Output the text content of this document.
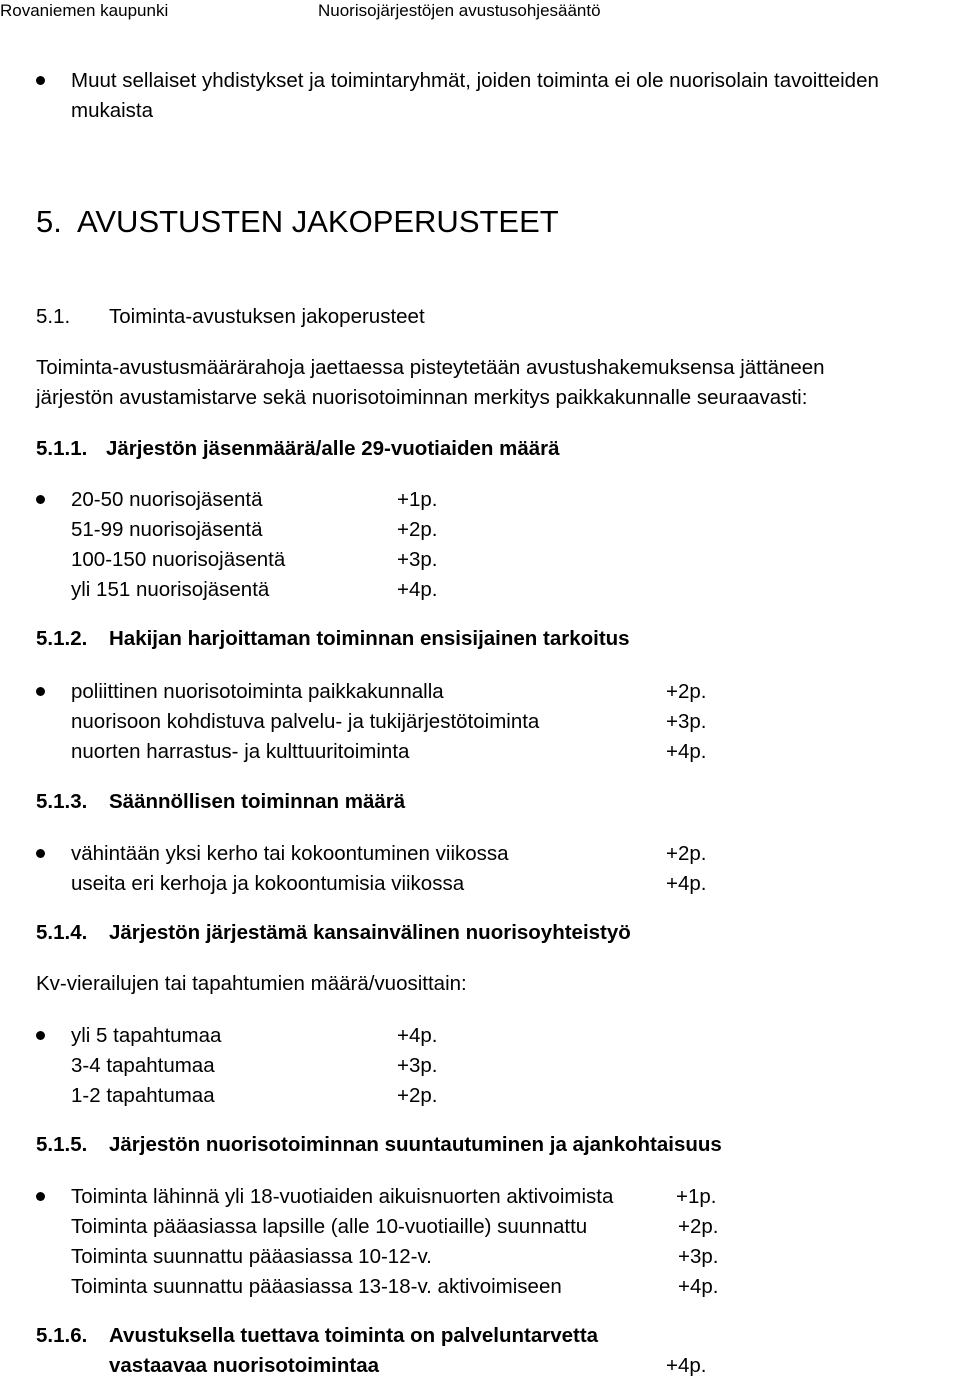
Rovaniemen kaupunki	Nuorisojärjestöjen avustusohjesääntö
Muut sellaiset yhdistykset ja toimintaryhmät, joiden toiminta ei ole nuorisolain tavoitteiden
mukaista
5. AVUSTUSTEN JAKOPERUSTEET
5.1. Toiminta-avustuksen jakoperusteet
Toiminta-avustusmäärärahoja jaettaessa pisteytetään avustushakemuksensa jättäneen
järjestön avustamistarve sekä nuorisotoiminnan merkitys paikkakunnalle seuraavasti:
5.1.1. Järjestön jäsenmäärä/alle 29-vuotiaiden määrä
20-50 nuorisojäsentä	+1p.
51-99 nuorisojäsentä	+2p.
100-150 nuorisojäsentä	+3p.
yli 151 nuorisojäsentä	+4p.
5.1.2. Hakijan harjoittaman toiminnan ensisijainen tarkoitus
poliittinen nuorisotoiminta paikkakunnalla	+2p.
nuorisoon kohdistuva palvelu- ja tukijärjestötoiminta	+3p.
nuorten harrastus- ja kulttuuritoiminta	+4p.
5.1.3. Säännöllisen toiminnan määrä
vähintään yksi kerho tai kokoontuminen viikossa	+2p.
useita eri kerhoja ja kokoontumisia viikossa	+4p.
5.1.4. Järjestön järjestämä kansainvälinen nuorisoyhteistyö
Kv-vierailujen tai tapahtumien määrä/vuosittain:
yli 5 tapahtumaa	+4p.
3-4 tapahtumaa	+3p.
1-2 tapahtumaa	+2p.
5.1.5. Järjestön nuorisotoiminnan suuntautuminen ja ajankohtaisuus
Toiminta lähinnä yli 18-vuotiaiden aikuisnuorten aktivoimista	+1p.
Toiminta pääasiassa lapsille (alle 10-vuotiaille) suunnattu	+2p.
Toiminta suunnattu pääasiassa 10-12-v.	+3p.
Toiminta suunnattu pääasiassa 13-18-v. aktivoimiseen	+4p.
5.1.6. Avustuksella tuettava toiminta on palveluntarvetta
vastaavaa nuorisotoimintaa	+4p.
